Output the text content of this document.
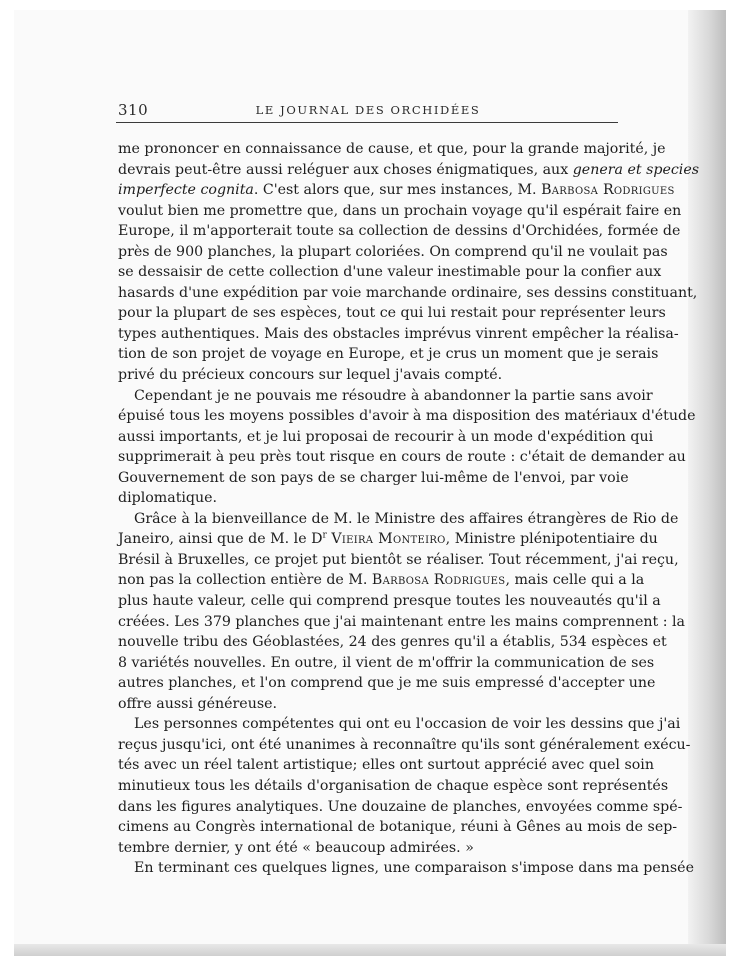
310	LE JOURNAL DES ORCHIDÉES
me prononcer en connaissance de cause, et que, pour la grande majorité, je
devrais peut-être aussi reléguer aux choses énigmatiques, aux genera et species
imperfecte cognita. C'est alors que, sur mes instances, M. Barbosa Rodrigues
voulut bien me promettre que, dans un prochain voyage qu'il espérait faire en
Europe, il m'apporterait toute sa collection de dessins d'Orchidées, formée de
près de 900 planches, la plupart coloriées. On comprend qu'il ne voulait pas
se dessaisir de cette collection d'une valeur inestimable pour la confier aux
hasards d'une expédition par voie marchande ordinaire, ses dessins constituant,
pour la plupart de ses espèces, tout ce qui lui restait pour représenter leurs
types authentiques. Mais des obstacles imprévus vinrent empêcher la réalisa-
tion de son projet de voyage en Europe, et je crus un moment que je serais
privé du précieux concours sur lequel j'avais compté.
Cependant je ne pouvais me résoudre à abandonner la partie sans avoir
épuisé tous les moyens possibles d'avoir à ma disposition des matériaux d'étude
aussi importants, et je lui proposai de recourir à un mode d'expédition qui
supprimerait à peu près tout risque en cours de route : c'était de demander au
Gouvernement de son pays de se charger lui-même de l'envoi, par voie
diplomatique.
Grâce à la bienveillance de M. le Ministre des affaires étrangères de Rio de
Janeiro, ainsi que de M. le $D^r$ Vieira Monteiro, Ministre plénipotentiaire du
Brésil à Bruxelles, ce projet put bientôt se réaliser. Tout récemment, j'ai reçu,
non pas la collection entière de M. Barbosa Rodrigues, mais celle qui a la
plus haute valeur, celle qui comprend presque toutes les nouveautés qu'il a
créées. Les 379 planches que j'ai maintenant entre les mains comprennent : la
nouvelle tribu des Géoblastées, 24 des genres qu'il a établis, 534 espèces et
8 variétés nouvelles. En outre, il vient de m'offrir la communication de ses
autres planches, et l'on comprend que je me suis empressé d'accepter une
offre aussi généreuse.
Les personnes compétentes qui ont eu l'occasion de voir les dessins que j'ai
reçus jusqu'ici, ont été unanimes à reconnaître qu'ils sont généralement exécu-
tés avec un réel talent artistique; elles ont surtout apprécié avec quel soin
minutieux tous les détails d'organisation de chaque espèce sont représentés
dans les figures analytiques. Une douzaine de planches, envoyées comme spé-
cimens au Congrès international de botanique, réuni à Gênes au mois de sep-
tembre dernier, y ont été « beaucoup admirées. »
En terminant ces quelques lignes, une comparaison s'impose dans ma pensée
